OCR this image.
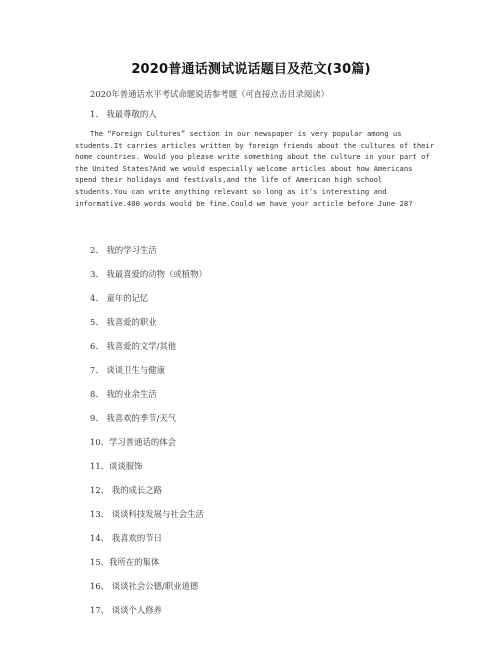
2020普通话测试说话题目及范文(30篇)
2020年普通话水平考试命题说话参考题（可直接点击目录阅读）
1、 我最尊敬的人
The “Foreign Cultures” section in our newspaper is very popular among us students.It carries articles written by foreign friends about the cultures of their home countries. Would you please write something about the culture in your part of the United States?And we would especially welcome articles about how Americans spend their holidays and festivals,and the life of American high school students.You can write anything relevant so long as it’s interesting and informative.400 words would be fine.Could we have your article before June 28?
2、 我的学习生活
3、 我最喜爱的动物（或植物）
4、 童年的记忆
5、 我喜爱的职业
6、 我喜爱的文学/其他
7、 谈谈卫生与健康
8、 我的业余生活
9、 我喜欢的季节/天气
10、学习普通话的体会
11、谈谈服饰
12、 我的成长之路
13、 谈谈科技发展与社会生活
14、 我喜欢的节日
15、我所在的集体
16、 谈谈社会公德/职业道德
17、 谈谈个人修养
